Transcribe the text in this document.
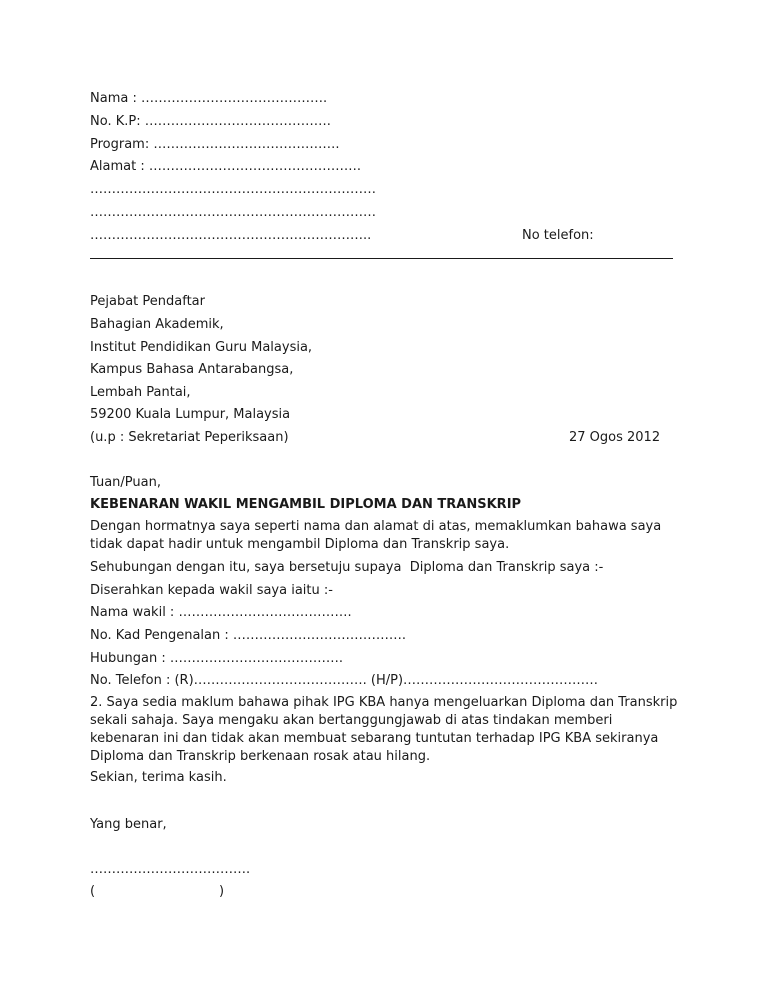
Nama : …………………………………….
No. K.P: …………………………………….
Program: …………………………………….
Alamat : ………………………………………….
…………………………………………………………
…………………………………………………………
………………………………………………………..	No telefon:
Pejabat Pendaftar
Bahagian Akademik,
Institut Pendidikan Guru Malaysia,
Kampus Bahasa Antarabangsa,
Lembah Pantai,
59200 Kuala Lumpur, Malaysia
(u.p : Sekretariat Peperiksaan)	27 Ogos 2012
Tuan/Puan,
KEBENARAN WAKIL MENGAMBIL DIPLOMA DAN TRANSKRIP
Dengan hormatnya saya seperti nama dan alamat di atas, memaklumkan bahawa saya tidak dapat hadir untuk mengambil Diploma dan Transkrip saya.
Sehubungan dengan itu, saya bersetuju supaya  Diploma dan Transkrip saya :-
Diserahkan kepada wakil saya iaitu :-
Nama wakil : ………………………………….
No. Kad Pengenalan : ………………………………….
Hubungan : ………………………………….
No. Telefon : (R)…………………………………. (H/P)………………………………………
2. Saya sedia maklum bahawa pihak IPG KBA hanya mengeluarkan Diploma dan Transkrip sekali sahaja. Saya mengaku akan bertanggungjawab di atas tindakan memberi kebenaran ini dan tidak akan membuat sebarang tuntutan terhadap IPG KBA sekiranya Diploma dan Transkrip berkenaan rosak atau hilang.
Sekian, terima kasih.
Yang benar,
……………………………….
(                              )
